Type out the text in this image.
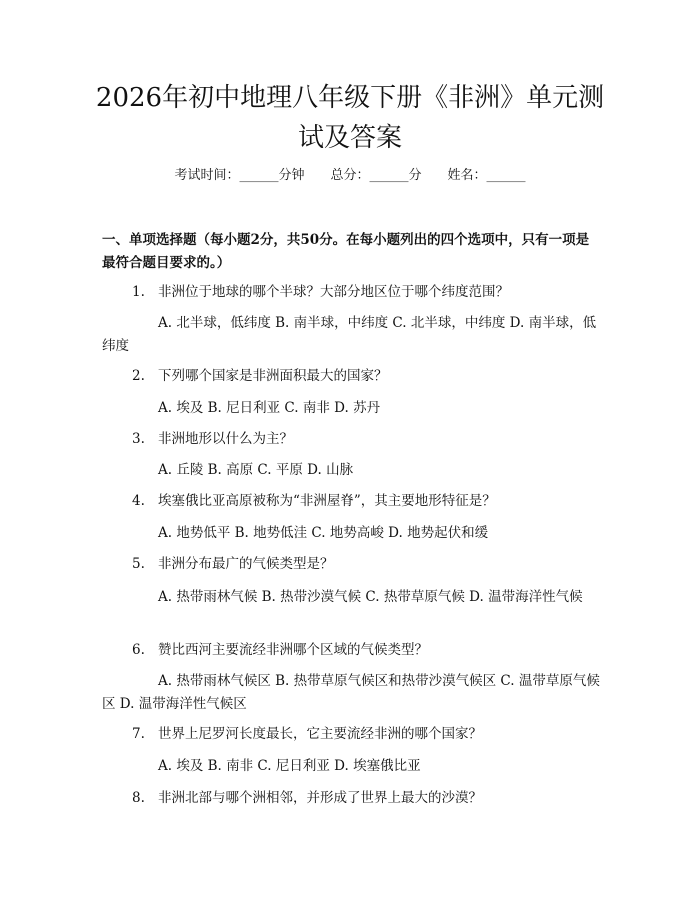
2026年初中地理八年级下册《非洲》单元测试及答案
考试时间：______分钟 总分：______分 姓名：______

一、单项选择题（每小题2分，共50分。在每小题列出的四个选项中，只有一项是最符合题目要求的。）

1. 非洲位于地球的哪个半球？大部分地区位于哪个纬度范围？
A. 北半球，低纬度 B. 南半球，中纬度 C. 北半球，中纬度 D. 南半球，低纬度
2. 下列哪个国家是非洲面积最大的国家？
A. 埃及 B. 尼日利亚 C. 南非 D. 苏丹
3. 非洲地形以什么为主？
A. 丘陵 B. 高原 C. 平原 D. 山脉
4. 埃塞俄比亚高原被称为“非洲屋脊”，其主要地形特征是？
A. 地势低平 B. 地势低洼 C. 地势高峻 D. 地势起伏和缓
5. 非洲分布最广的气候类型是？
A. 热带雨林气候 B. 热带沙漠气候 C. 热带草原气候 D. 温带海洋性气候
6. 赞比西河主要流经非洲哪个区域的气候类型？
A. 热带雨林气候区 B. 热带草原气候区和热带沙漠气候区 C. 温带草原气候区 D. 温带海洋性气候区
7. 世界上尼罗河长度最长，它主要流经非洲的哪个国家？
A. 埃及 B. 南非 C. 尼日利亚 D. 埃塞俄比亚
8. 非洲北部与哪个洲相邻，并形成了世界上最大的沙漠？
